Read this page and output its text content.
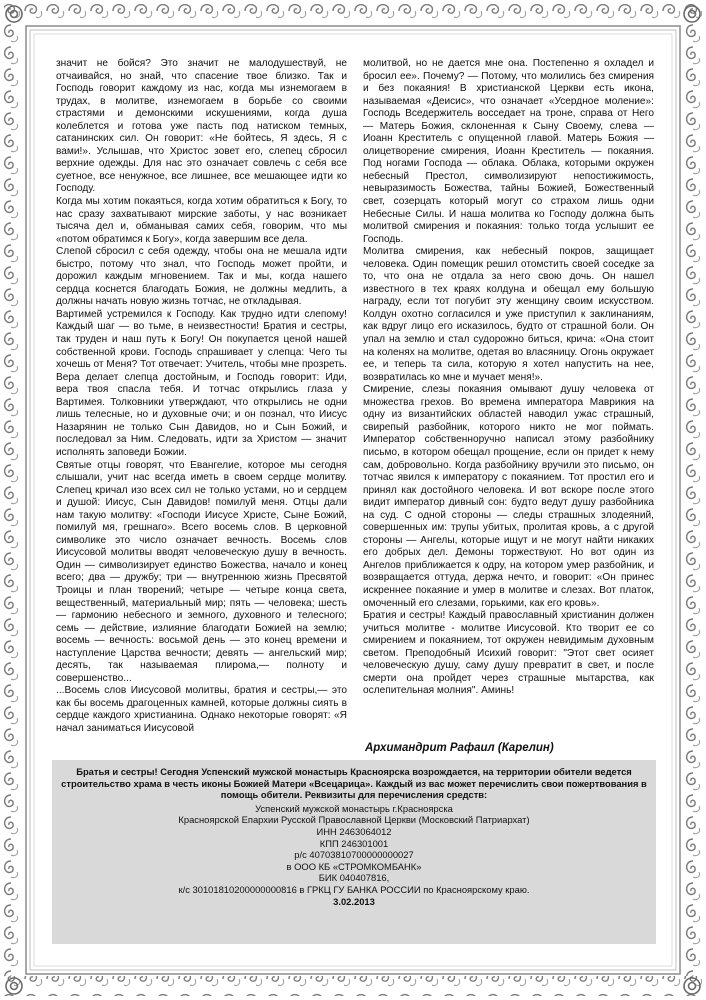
значит не бойся? Это значит не малодушествуй, не отчаивайся, но знай, что спасение твое близко. Так и Господь говорит каждому из нас, когда мы изнемогаем в трудах, в молитве, изнемогаем в борьбе со своими страстями и демонскими искушениями, когда душа колеблется и готова уже пасть под натиском темных, сатанинских сил. Он говорит: «Не бойтесь, Я здесь, Я с вами!». Услышав, что Христос зовет его, слепец сбросил верхние одежды. Для нас это означает совлечь с себя все суетное, все ненужное, все лишнее, все мешающее идти ко Господу.

Когда мы хотим покаяться, когда хотим обратиться к Богу, то нас сразу захватывают мирские заботы, у нас возникает тысяча дел и, обманывая самих себя, говорим, что мы «потом обратимся к Богу», когда завершим все дела.

Слепой сбросил с себя одежду, чтобы она не мешала идти быстро, потому что знал, что Господь может пройти, и дорожил каждым мгновением. Так и мы, когда нашего сердца коснется благодать Божия, не должны медлить, а должны начать новую жизнь тотчас, не откладывая.

Вартимей устремился к Господу. Как трудно идти слепому! Каждый шаг — во тьме, в неизвестности! Братия и сестры, так труден и наш путь к Богу! Он покупается ценой нашей собственной крови. Господь спрашивает у слепца: Чего ты хочешь от Меня? Тот отвечает: Учитель, чтобы мне прозреть. Вера делает слепца достойным, и Господь говорит: Иди, вера твоя спасла тебя. И тотчас открылись глаза у Вартимея. Толковники утверждают, что открылись не одни лишь телесные, но и духовные очи; и он познал, что Иисус Назарянин не только Сын Давидов, но и Сын Божий, и последовал за Ним. Следовать, идти за Христом — значит исполнять заповеди Божии.

Святые отцы говорят, что Евангелие, которое мы сегодня слышали, учит нас всегда иметь в своем сердце молитву. Слепец кричал изо всех сил не только устами, но и сердцем и душой: Иисус, Сын Давидов! помилуй меня. Отцы дали нам такую молитву: «Господи Иисусе Христе, Сыне Божий, помилуй мя, грешнаго». Всего восемь слов. В церковной символике это число означает вечность. Восемь слов Иисусовой молитвы вводят человеческую душу в вечность. Один — символизирует единство Божества, начало и конец всего; два — дружбу; три — внутреннюю жизнь Пресвятой Троицы и план творений; четыре — четыре конца света, вещественный, материальный мир; пять — человека; шесть — гармонию небесного и земного, духовного и телесного; семь — действие, излияние благодати Божией на землю; восемь — вечность: восьмой день — это конец времени и наступление Царства вечности; девять — ангельский мир; десять, так называемая плирома,— полноту и совершенство...

...Восемь слов Иисусовой молитвы, братия и сестры,— это как бы восемь драгоценных камней, которые должны сиять в сердце каждого христианина. Однако некоторые говорят: «Я начал заниматься Иисусовой

молитвой, но не дается мне она. Постепенно я охладел и бросил ее». Почему? — Потому, что молились без смирения и без покаяния! В христианской Церкви есть икона, называемая «Деисис», что означает «Усердное моление»: Господь Вседержитель восседает на троне, справа от Него — Матерь Божия, склоненная к Сыну Своему, слева — Иоанн Креститель с опущенной главой. Матерь Божия — олицетворение смирения, Иоанн Креститель — покаяния. Под ногами Господа — облака. Облака, которыми окружен небесный Престол, символизируют непостижимость, невыразимость Божества, тайны Божией, Божественный свет, созерцать который могут со страхом лишь одни Небесные Силы. И наша молитва ко Господу должна быть молитвой смирения и покаяния: только тогда услышит ее Господь.

Молитва смирения, как небесный покров, защищает человека. Один помещик решил отомстить своей соседке за то, что она не отдала за него свою дочь. Он нашел известного в тех краях колдуна и обещал ему большую награду, если тот погубит эту женщину своим искусством. Колдун охотно согласился и уже приступил к заклинаниям, как вдруг лицо его исказилось, будто от страшной боли. Он упал на землю и стал судорожно биться, крича: «Она стоит на коленях на молитве, одетая во власяницу. Огонь окружает ее, и теперь та сила, которую я хотел напустить на нее, возвратилась ко мне и мучает меня!».

Смирение, слезы покаяния омывают душу человека от множества грехов. Во времена императора Маврикия на одну из византийских областей наводил ужас страшный, свирепый разбойник, которого никто не мог поймать. Император собственноручно написал этому разбойнику письмо, в котором обещал прощение, если он придет к нему сам, добровольно. Когда разбойнику вручили это письмо, он тотчас явился к императору с покаянием. Тот простил его и принял как достойного человека. И вот вскоре после этого видит император дивный сон: будто ведут душу разбойника на суд. С одной стороны — следы страшных злодеяний, совершенных им: трупы убитых, пролитая кровь, а с другой стороны — Ангелы, которые ищут и не могут найти никаких его добрых дел. Демоны торжествуют. Но вот один из Ангелов приближается к одру, на котором умер разбойник, и возвращается оттуда, держа нечто, и говорит: «Он принес искреннее покаяние и умер в молитве и слезах. Вот платок, омоченный его слезами, горькими, как его кровь».

Братия и сестры! Каждый православный христианин должен учиться молитве - молитве Иисусовой. Кто творит ее со смирением и покаянием, тот окружен невидимым духовным светом. Преподобный Исихий говорит: "Этот свет осияет человеческую душу, саму душу превратит в свет, и после смерти она пройдет через страшные мытарства, как ослепительная молния". Аминь!

Архимандрит Рафаил (Карелин)
Братья и сестры! Сегодня Успенский мужской монастырь Красноярска возрождается, на территории обители ведется строительство храма в честь иконы Божией Матери «Всецарица». Каждый из вас может перечислить свои пожертвования в помощь обители. Реквизиты для перечисления средств:
Успенский мужской монастырь г.Красноярска
Красноярской Епархии Русской Православной Церкви (Московский Патриархат)
ИНН 2463064012
КПП 246301001
р/с 40703810700000000027
в ООО КБ «СТРОМКОМБАНК»
БИК 040407816,
к/с 30101810200000000816 в ГРКЦ ГУ БАНКА РОССИИ по Красноярскому краю.
3.02.2013
